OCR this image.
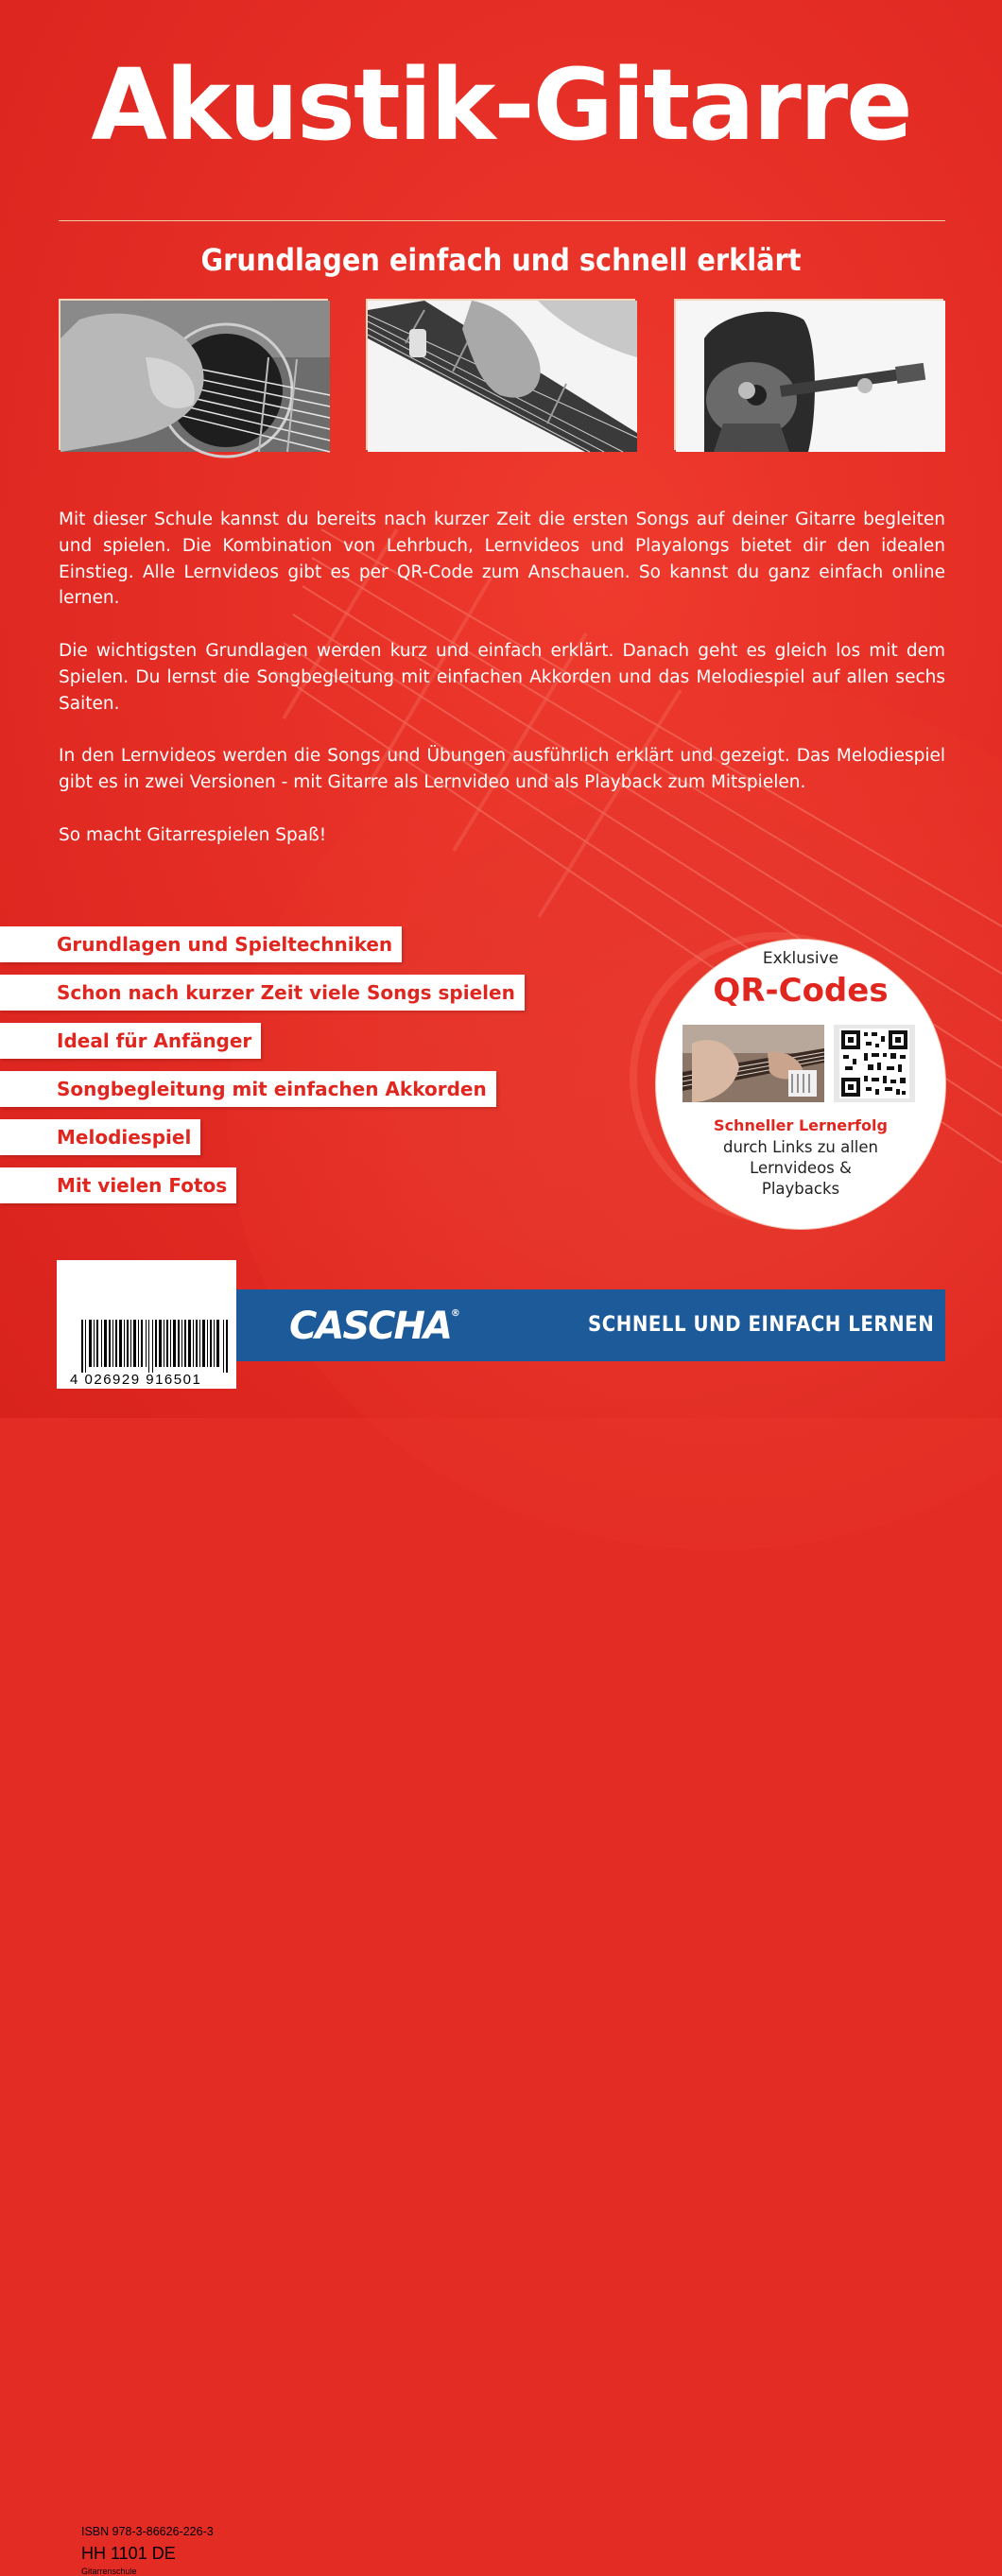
Akustik-Gitarre
Grundlagen einfach und schnell erklärt

Mit dieser Schule kannst du bereits nach kurzer Zeit die ersten Songs auf deiner Gitarre begleiten und spielen. Die Kombination von Lehrbuch, Lernvideos und Playalongs bietet dir den idealen Einstieg. Alle Lernvideos gibt es per QR-Code zum Anschauen. So kannst du ganz einfach online lernen.

Die wichtigsten Grundlagen werden kurz und einfach erklärt. Danach geht es gleich los mit dem Spielen. Du lernst die Songbegleitung mit einfachen Akkorden und das Melodiespiel auf allen sechs Saiten.

In den Lernvideos werden die Songs und Übungen ausführlich erklärt und gezeigt. Das Melodiespiel gibt es in zwei Versionen - mit Gitarre als Lernvideo und als Playback zum Mitspielen.

So macht Gitarrespielen Spaß!

Grundlagen und Spieltechniken
Schon nach kurzer Zeit viele Songs spielen
Ideal für Anfänger
Songbegleitung mit einfachen Akkorden
Melodiespiel
Mit vielen Fotos
Exklusive
QR-Codes
Schneller Lernerfolg
durch Links zu allen
Lernvideos &
Playbacks
CASCHA®	SCHNELL UND EINFACH LERNEN
ISBN 978-3-86626-226-3
HH 1101 DE
Gitarrenschule
4 026929 916501
